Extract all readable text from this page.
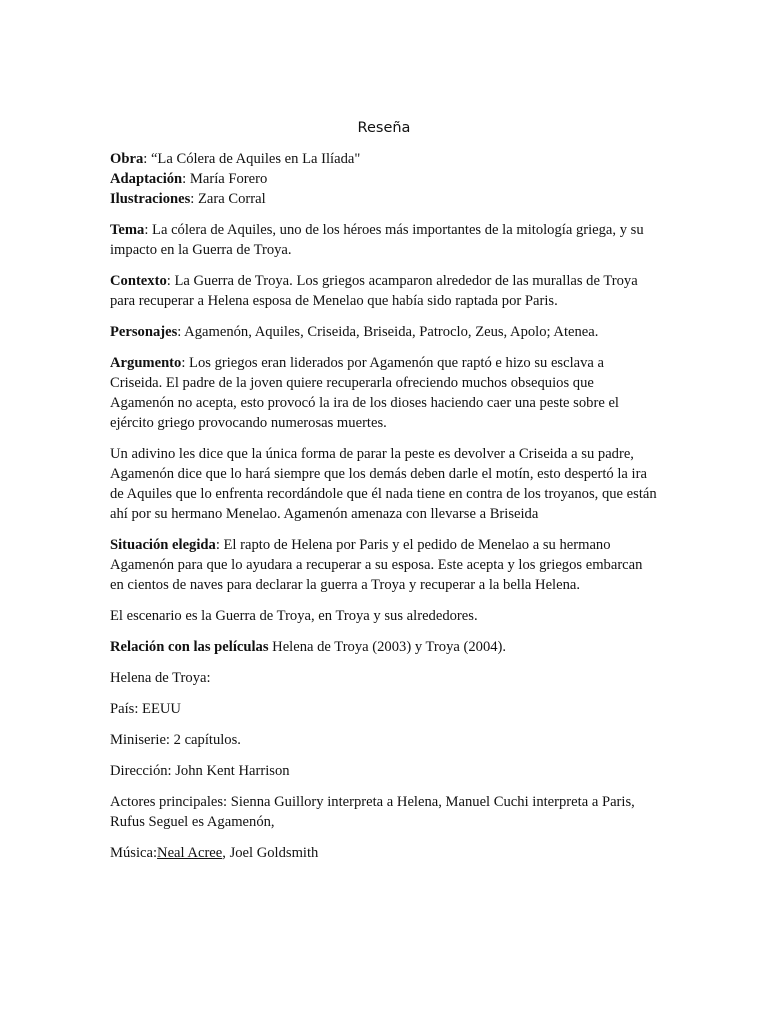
Reseña

Obra: “La Cólera de Aquiles en La Ilíada"

Adaptación: María Forero

Ilustraciones: Zara Corral

Tema: La cólera de Aquiles, uno de los héroes más importantes de la mitología griega, y su impacto en la Guerra de Troya.

Contexto: La Guerra de Troya. Los griegos acamparon alrededor de las murallas de Troya para recuperar a Helena esposa de Menelao que había sido raptada por Paris.

Personajes: Agamenón, Aquiles, Criseida, Briseida, Patroclo, Zeus, Apolo; Atenea.

Argumento: Los griegos eran liderados por Agamenón que raptó e hizo su esclava a Criseida. El padre de la joven quiere recuperarla ofreciendo muchos obsequios que Agamenón no acepta, esto provocó la ira de los dioses haciendo caer una peste sobre el ejército griego provocando numerosas muertes.

Un adivino les dice que la única forma de parar la peste es devolver a Criseida a su padre, Agamenón dice que lo hará siempre que los demás deben darle el motín, esto despertó la ira de Aquiles que lo enfrenta recordándole que él nada tiene en contra de los troyanos, que están ahí por su hermano Menelao. Agamenón amenaza con llevarse a Briseida

Situación elegida: El rapto de Helena por Paris y el pedido de Menelao a su hermano Agamenón para que lo ayudara a recuperar a su esposa. Este acepta y los griegos embarcan en cientos de naves para declarar la guerra a Troya y recuperar a la bella Helena.

El escenario es la Guerra de Troya, en Troya y sus alrededores.

Relación con las películas Helena de Troya (2003) y Troya (2004).

Helena de Troya:

País: EEUU

Miniserie: 2 capítulos.

Dirección: John Kent Harrison

Actores principales: Sienna Guillory interpreta a Helena, Manuel Cuchi interpreta a Paris, Rufus Seguel es Agamenón,

Música:Neal Acree, Joel Goldsmith
